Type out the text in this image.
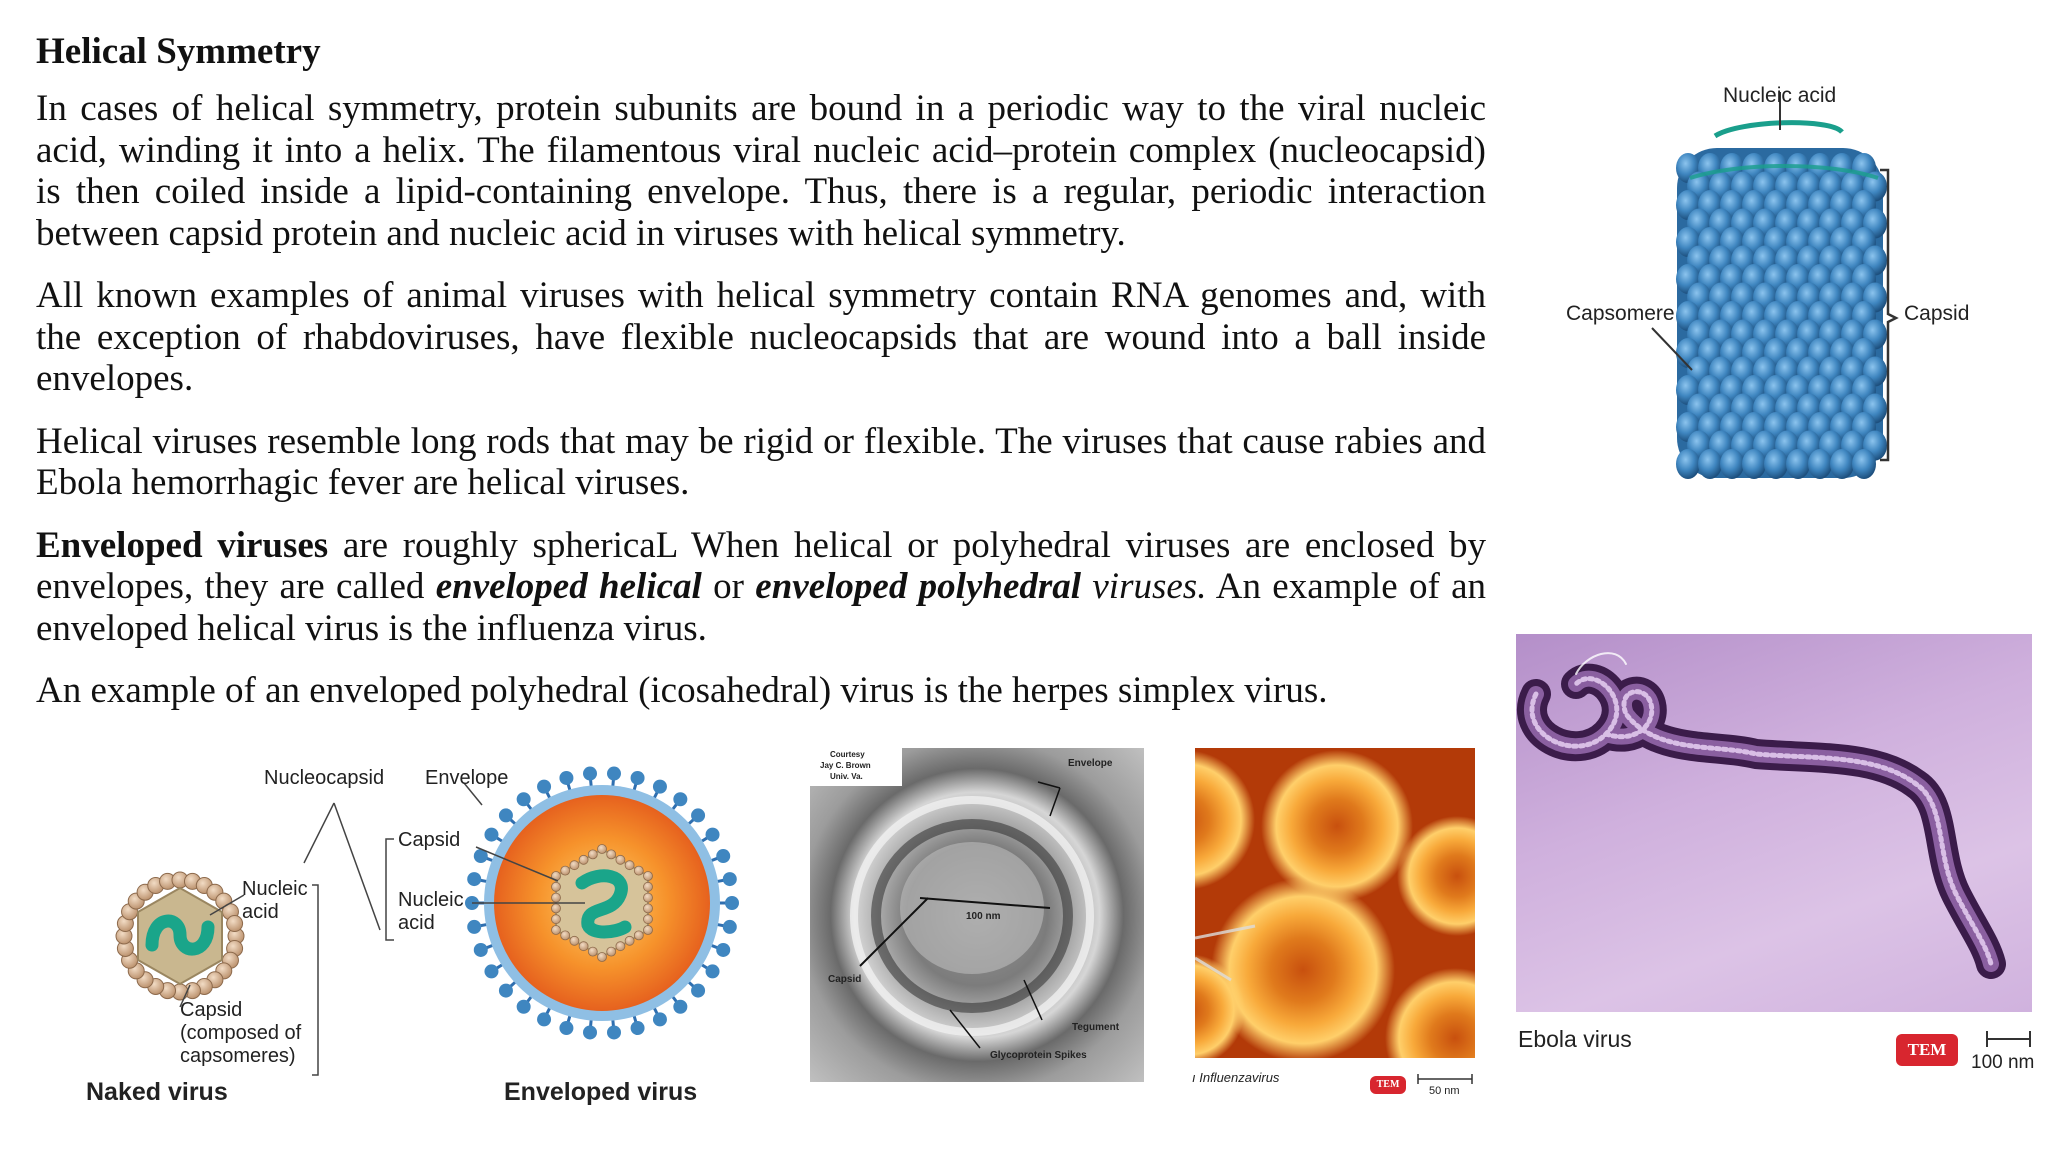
Helical Symmetry

In cases of helical symmetry, protein subunits are bound in a periodic way to the viral nucleic acid, winding it into a helix. The filamentous viral nucleic acid–protein complex (nucleocapsid) is then coiled inside a lipid-containing envelope. Thus, there is a regular, periodic interaction between capsid protein and nucleic acid in viruses with helical symmetry.

All known examples of animal viruses with helical symmetry contain RNA genomes and, with the exception of rhabdoviruses, have flexible nucleocapsids that are wound into a ball inside envelopes.

Helical viruses resemble long rods that may be rigid or flexible. The viruses that cause rabies and Ebola hemorrhagic fever are helical viruses.

Enveloped viruses are roughly sphericaL When helical or polyhedral viruses are enclosed by envelopes, they are called enveloped helical or enveloped polyhedral viruses. An example of an enveloped helical virus is the influenza virus.

An example of an enveloped polyhedral (icosahedral) virus is the herpes simplex virus.

Nucleic acid
Capsomere	Capsid
Nucleocapsid Envelope
Capsid
Nucleic
acid
Nucleic
acid
Capsid
(composed of
capsomeres)
Naked virus	Enveloped virus
Courtesy
Jay C. Brown
Univ. Va.
Envelope
100 nm
Capsid
Tegument
Glycoprotein Spikes
ı Influenzavirus	TEM
50 nm
Ebola virus	TEM
100 nm
